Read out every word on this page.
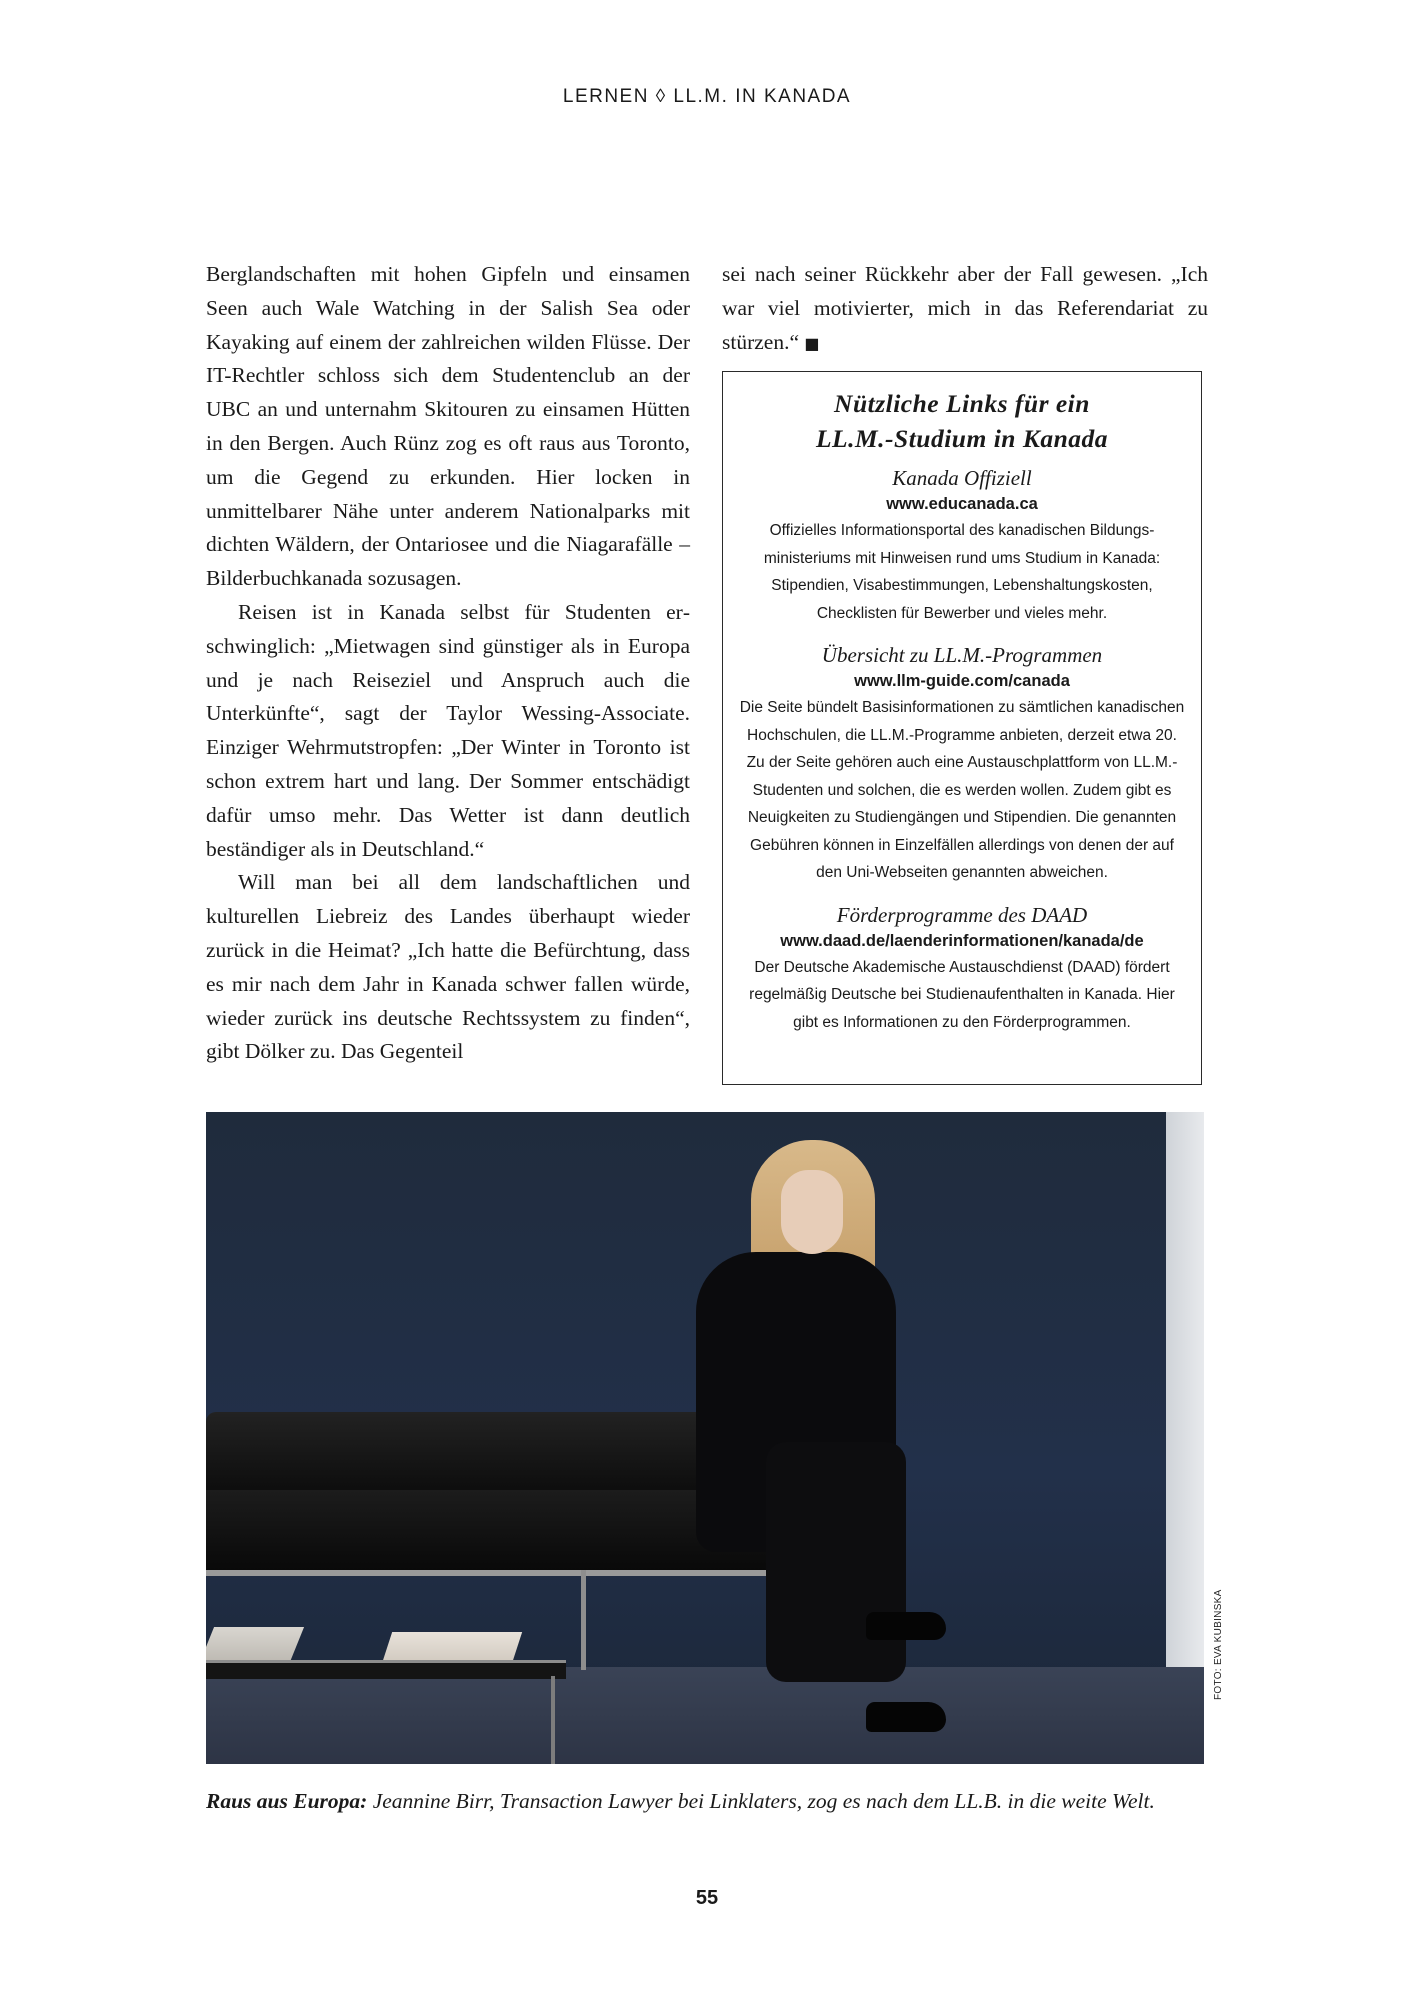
LERNEN ◊ LL.M. IN KANADA

Berglandschaften mit hohen Gipfeln und einsamen Seen auch Wale Watching in der Salish Sea oder Kayaking auf einem der zahlreichen wilden Flüsse. Der IT-Rechtler schloss sich dem Studentenclub an der UBC an und unternahm Skitouren zu einsamen Hütten in den Bergen. Auch Rünz zog es oft raus aus Toronto, um die Gegend zu erkunden. Hier locken in unmittelbarer Nähe unter anderem Nationalparks mit dichten Wäldern, der Ontariosee und die Niagarafälle – Bilderbuchkanada sozusagen.

Reisen ist in Kanada selbst für Studenten erschwinglich: „Mietwagen sind günstiger als in Europa und je nach Reiseziel und Anspruch auch die Unterkünfte“, sagt der Taylor Wessing-Associate. Einziger Wehrmutstropfen: „Der Winter in Toronto ist schon extrem hart und lang. Der Sommer entschädigt dafür umso mehr. Das Wetter ist dann deutlich beständiger als in Deutschland.“

Will man bei all dem landschaftlichen und kulturellen Liebreiz des Landes überhaupt wieder zurück in die Heimat? „Ich hatte die Befürchtung, dass es mir nach dem Jahr in Kanada schwer fallen würde, wieder zurück ins deutsche Rechtssystem zu finden“, gibt Dölker zu. Das Gegenteil

sei nach seiner Rückkehr aber der Fall gewesen. „Ich war viel motivierter, mich in das Referendariat zu stürzen.“ ■

Nützliche Links für ein
LL.M.-Studium in Kanada
Kanada Offiziell
www.educanada.ca
Offizielles Informationsportal des kanadischen Bildungsministeriums mit Hinweisen rund ums Studium in Kanada: Stipendien, Visabestimmungen, Lebenshaltungskosten, Checklisten für Bewerber und vieles mehr.
Übersicht zu LL.M.-Programmen
www.llm-guide.com/canada
Die Seite bündelt Basisinformationen zu sämtlichen kanadischen Hochschulen, die LL.M.-Programme anbieten, derzeit etwa 20. Zu der Seite gehören auch eine Austauschplattform von LL.M.-Studenten und solchen, die es werden wollen. Zudem gibt es Neuigkeiten zu Studiengängen und Stipendien. Die genannten Gebühren können in Einzelfällen allerdings von denen der auf den Uni-Webseiten genannten abweichen.
Förderprogramme des DAAD
www.daad.de/laenderinformationen/kanada/de
Der Deutsche Akademische Austauschdienst (DAAD) fördert regelmäßig Deutsche bei Studienaufenthalten in Kanada. Hier gibt es Informationen zu den Förderprogrammen.
FOTO: EVA KUBINSKA
Raus aus Europa: Jeannine Birr, Transaction Lawyer bei Linklaters, zog es nach dem LL.B. in die weite Welt.
55
